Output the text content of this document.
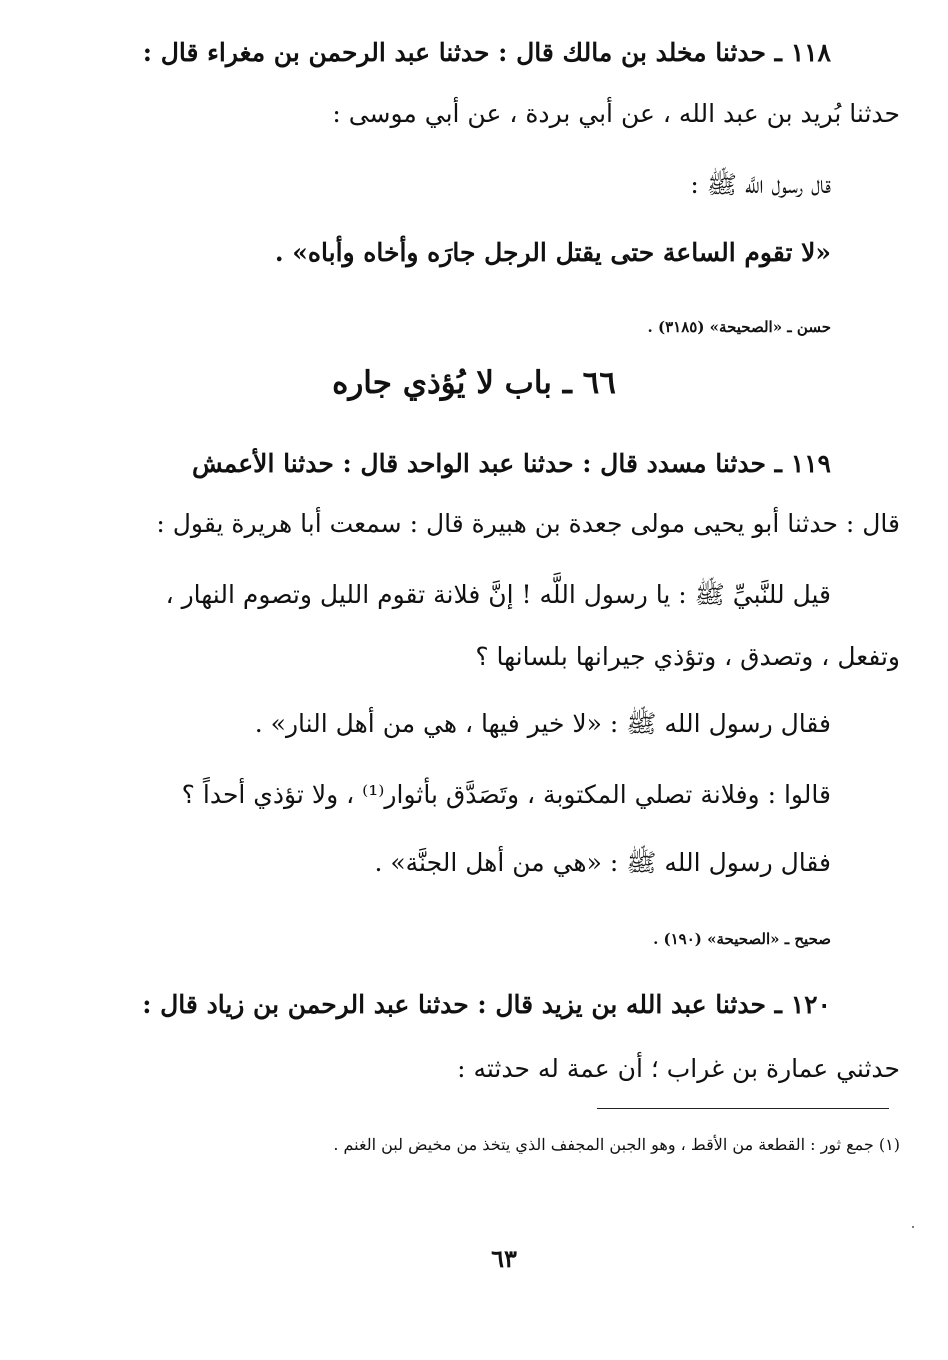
١١٨ ـ حدثنا مخلد بن مالك قال : حدثنا عبد الرحمن بن مغراء قال :
حدثنا بُريد بن عبد الله ، عن أبي بردة ، عن أبي موسى :
قال رسول اللَّه ﷺ :
«لا تقوم الساعة حتى يقتل الرجل جارَه وأخاه وأباه» .
حسن ـ «الصحيحة» (٣١٨٥) .
٦٦ ـ باب لا يُؤذي جاره
١١٩ ـ حدثنا مسدد قال : حدثنا عبد الواحد قال : حدثنا الأعمش
قال : حدثنا أبو يحيى مولى جعدة بن هبيرة قال : سمعت أبا هريرة يقول :
قيل للنَّبيِّ ﷺ : يا رسول اللَّه ! إنَّ فلانة تقوم الليل وتصوم النهار ،
وتفعل ، وتصدق ، وتؤذي جيرانها بلسانها ؟
فقال رسول الله ﷺ : «لا خير فيها ، هي من أهل النار» .
قالوا : وفلانة تصلي المكتوبة ، وتَصَدَّق بأثوار⁽¹⁾ ، ولا تؤذي أحداً ؟
فقال رسول الله ﷺ : «هي من أهل الجنَّة» .
صحيح ـ «الصحيحة» (١٩٠) .
١٢٠ ـ حدثنا عبد الله بن يزيد قال : حدثنا عبد الرحمن بن زياد قال :
حدثني عمارة بن غراب ؛ أن عمة له حدثته :
(١) جمع ثور : القطعة من الأقط ، وهو الجبن المجفف الذي يتخذ من مخيض لبن الغنم .
٦٣
